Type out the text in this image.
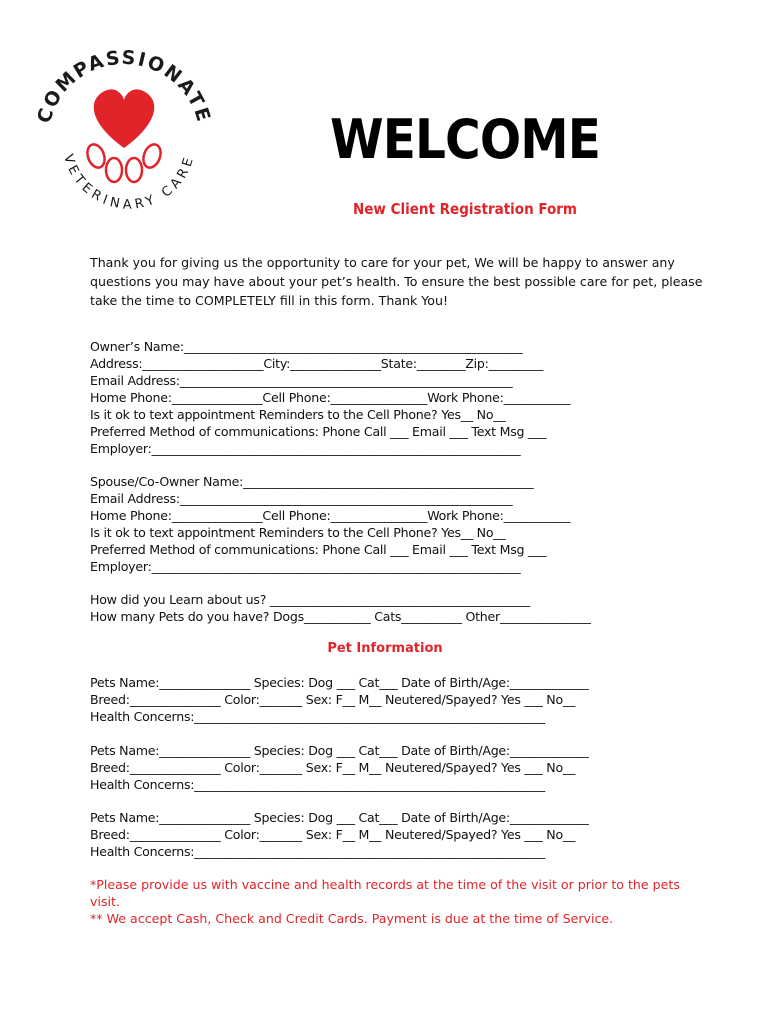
COMPASSIONATE
VETERINARY CARE WELCOME
New Client Registration Form

Thank you for giving us the opportunity to care for your pet, We will be happy to answer any

questions you may have about your pet’s health. To ensure the best possible care for pet, please

take the time to COMPLETELY fill in this form. Thank You!

Owner’s Name:________________________________________________________
Address:____________________City:_______________State:________Zip:_________
Email Address:_______________________________________________________
Home Phone:_______________Cell Phone:________________Work Phone:___________
Is it ok to text appointment Reminders to the Cell Phone? Yes__ No__
Preferred Method of communications: Phone Call ___ Email ___ Text Msg ___
Employer:_____________________________________________________________
Spouse/Co-Owner Name:________________________________________________
Email Address:_______________________________________________________
Home Phone:_______________Cell Phone:________________Work Phone:___________
Is it ok to text appointment Reminders to the Cell Phone? Yes__ No__
Preferred Method of communications: Phone Call ___ Email ___ Text Msg ___
Employer:_____________________________________________________________
How did you Learn about us? ___________________________________________
How many Pets do you have? Dogs___________ Cats__________ Other_______________
Pet Information
Pets Name:_______________ Species: Dog ___ Cat___ Date of Birth/Age:_____________
Breed:_______________ Color:_______ Sex: F__ M__ Neutered/Spayed? Yes ___ No__
Health Concerns:__________________________________________________________
Pets Name:_______________ Species: Dog ___ Cat___ Date of Birth/Age:_____________
Breed:_______________ Color:_______ Sex: F__ M__ Neutered/Spayed? Yes ___ No__
Health Concerns:__________________________________________________________
Pets Name:_______________ Species: Dog ___ Cat___ Date of Birth/Age:_____________
Breed:_______________ Color:_______ Sex: F__ M__ Neutered/Spayed? Yes ___ No__
Health Concerns:__________________________________________________________
*Please provide us with vaccine and health records at the time of the visit or prior to the pets
visit.
** We accept Cash, Check and Credit Cards. Payment is due at the time of Service.
